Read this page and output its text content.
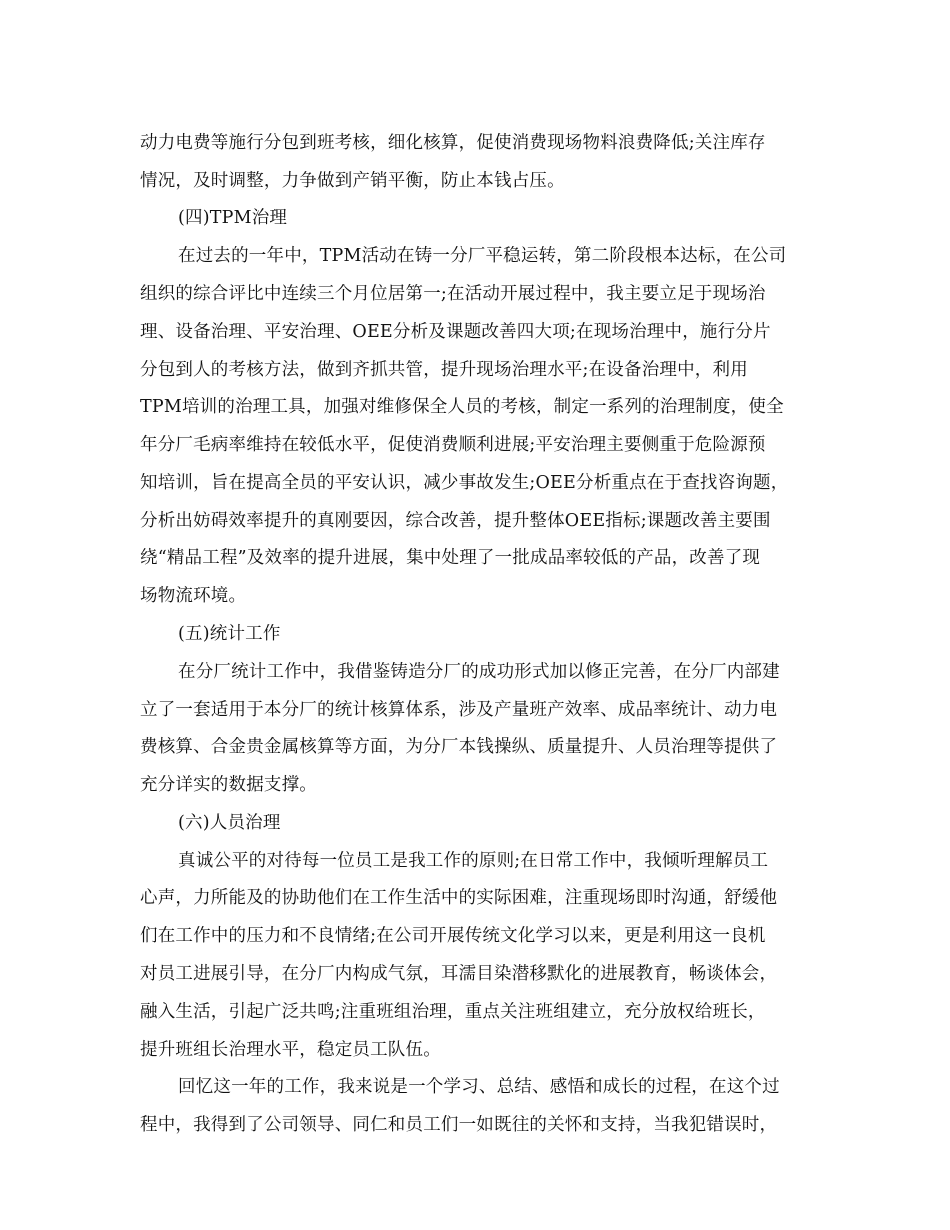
动力电费等施行分包到班考核，细化核算，促使消费现场物料浪费降低;关注库存
情况，及时调整，力争做到产销平衡，防止本钱占压。
(四)TPM治理
在过去的一年中，TPM活动在铸一分厂平稳运转，第二阶段根本达标，在公司
组织的综合评比中连续三个月位居第一;在活动开展过程中，我主要立足于现场治
理、设备治理、平安治理、OEE分析及课题改善四大项;在现场治理中，施行分片
分包到人的考核方法，做到齐抓共管，提升现场治理水平;在设备治理中，利用
TPM培训的治理工具，加强对维修保全人员的考核，制定一系列的治理制度，使全
年分厂毛病率维持在较低水平，促使消费顺利进展;平安治理主要侧重于危险源预
知培训，旨在提高全员的平安认识，减少事故发生;OEE分析重点在于查找咨询题，
分析出妨碍效率提升的真刚要因，综合改善，提升整体OEE指标;课题改善主要围
绕“精品工程”及效率的提升进展，集中处理了一批成品率较低的产品，改善了现
场物流环境。
(五)统计工作
在分厂统计工作中，我借鉴铸造分厂的成功形式加以修正完善，在分厂内部建
立了一套适用于本分厂的统计核算体系，涉及产量班产效率、成品率统计、动力电
费核算、合金贵金属核算等方面，为分厂本钱操纵、质量提升、人员治理等提供了
充分详实的数据支撑。
(六)人员治理
真诚公平的对待每一位员工是我工作的原则;在日常工作中，我倾听理解员工
心声，力所能及的协助他们在工作生活中的实际困难，注重现场即时沟通，舒缓他
们在工作中的压力和不良情绪;在公司开展传统文化学习以来，更是利用这一良机
对员工进展引导，在分厂内构成气氛，耳濡目染潜移默化的进展教育，畅谈体会，
融入生活，引起广泛共鸣;注重班组治理，重点关注班组建立，充分放权给班长，
提升班组长治理水平，稳定员工队伍。
回忆这一年的工作，我来说是一个学习、总结、感悟和成长的过程，在这个过
程中，我得到了公司领导、同仁和员工们一如既往的关怀和支持，当我犯错误时，
